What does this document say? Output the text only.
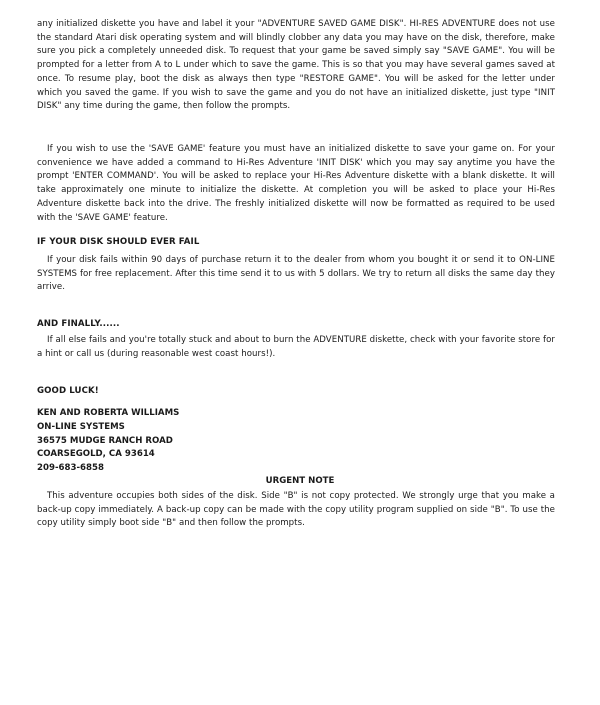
any initialized diskette you have and label it your "ADVENTURE SAVED GAME DISK". HI-RES ADVENTURE does not use the standard Atari disk operating system and will blindly clobber any data you may have on the disk, therefore, make sure you pick a completely unneeded disk. To request that your game be saved simply say "SAVE GAME". You will be prompted for a letter from A to L under which to save the game. This is so that you may have several games saved at once. To resume play, boot the disk as always then type "RESTORE GAME". You will be asked for the letter under which you saved the game. If you wish to save the game and you do not have an initialized diskette, just type "INIT DISK" any time during the game, then follow the prompts.

If you wish to use the 'SAVE GAME' feature you must have an initialized diskette to save your game on. For your convenience we have added a command to Hi-Res Adventure 'INIT DISK' which you may say anytime you have the prompt 'ENTER COMMAND'. You will be asked to replace your Hi-Res Adventure diskette with a blank diskette. It will take approximately one minute to initialize the diskette. At completion you will be asked to place your Hi-Res Adventure diskette back into the drive. The freshly initialized diskette will now be formatted as required to be used with the 'SAVE GAME' feature.

IF YOUR DISK SHOULD EVER FAIL

If your disk fails within 90 days of purchase return it to the dealer from whom you bought it or send it to ON-LINE SYSTEMS for free replacement. After this time send it to us with 5 dollars. We try to return all disks the same day they arrive.

AND FINALLY......

If all else fails and you're totally stuck and about to burn the ADVENTURE diskette, check with your favorite store for a hint or call us (during reasonable west coast hours!).

GOOD LUCK!

KEN AND ROBERTA WILLIAMS
ON-LINE SYSTEMS
36575 MUDGE RANCH ROAD
COARSEGOLD, CA 93614
209-683-6858

URGENT NOTE

This adventure occupies both sides of the disk. Side "B" is not copy protected. We strongly urge that you make a back-up copy immediately. A back-up copy can be made with the copy utility program supplied on side "B". To use the copy utility simply boot side "B" and then follow the prompts.
